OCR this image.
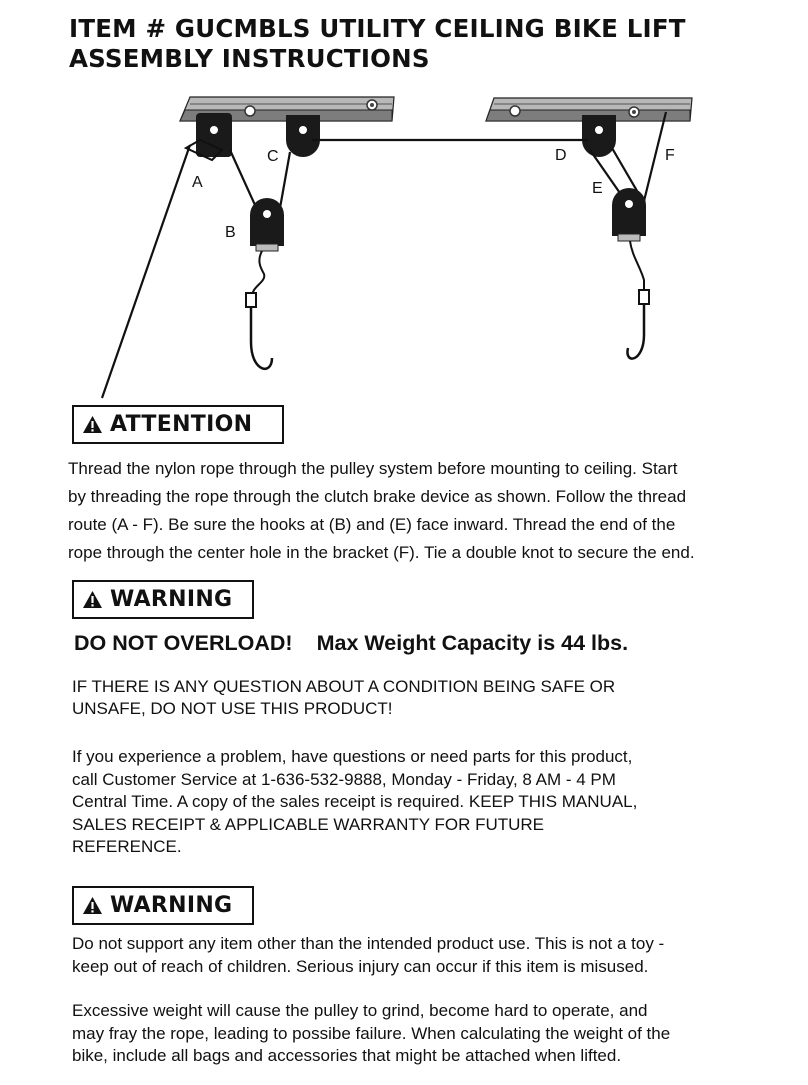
ITEM # GUCMBLS UTILITY CEILING BIKE LIFT
ASSEMBLY INSTRUCTIONS
A
B
C	D
E
F
ATTENTION
Thread the nylon rope through the pulley system before mounting to ceiling. Start
by threading the rope through the clutch brake device as shown. Follow the thread
route (A - F). Be sure the hooks at (B) and (E) face inward. Thread the end of the
rope through the center hole in the bracket (F). Tie a double knot to secure the end.
WARNING

DO NOT OVERLOAD! Max Weight Capacity is 44 lbs.

IF THERE IS ANY QUESTION ABOUT A CONDITION BEING SAFE OR
UNSAFE, DO NOT USE THIS PRODUCT!
If you experience a problem, have questions or need parts for this product,
call Customer Service at 1-636-532-9888, Monday - Friday, 8 AM - 4 PM
Central Time. A copy of the sales receipt is required. KEEP THIS MANUAL,
SALES RECEIPT & APPLICABLE WARRANTY FOR FUTURE
REFERENCE.
WARNING
Do not support any item other than the intended product use. This is not a toy -
keep out of reach of children. Serious injury can occur if this item is misused.
Excessive weight will cause the pulley to grind, become hard to operate, and
may fray the rope, leading to possibe failure. When calculating the weight of the
bike, include all bags and accessories that might be attached when lifted.
